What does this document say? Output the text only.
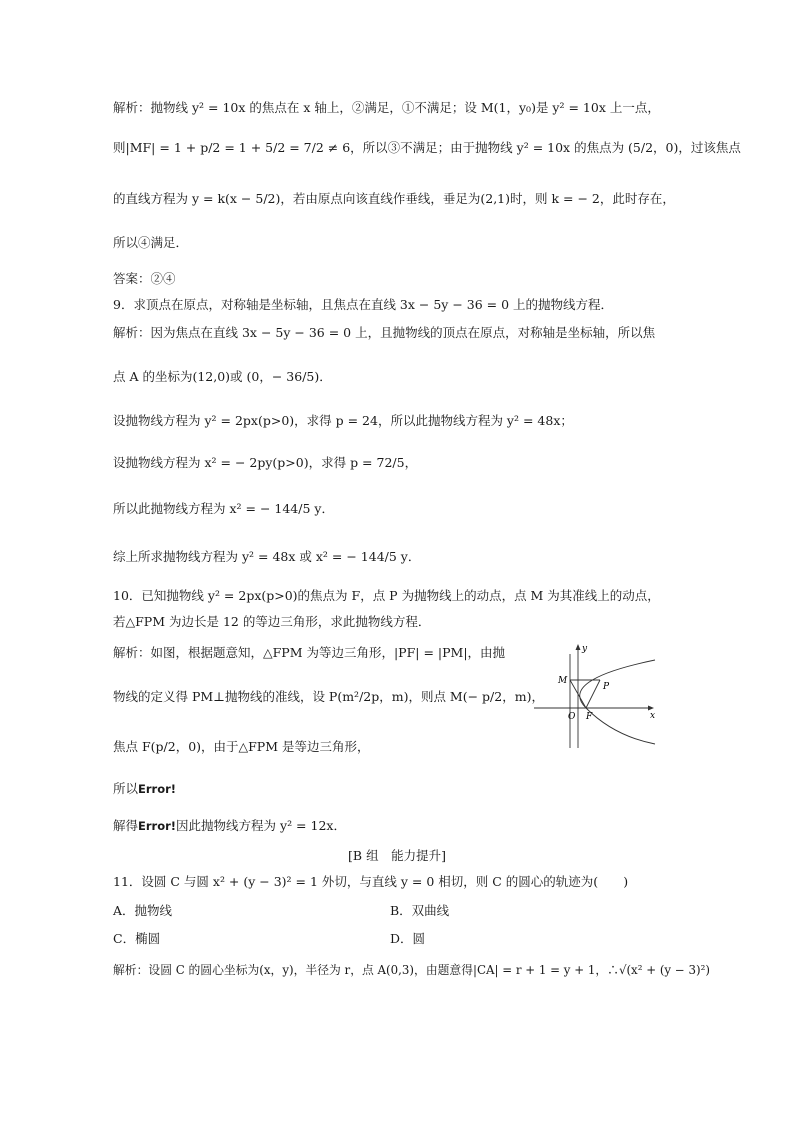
解析：抛物线 y² = 10x 的焦点在 x 轴上，②满足，①不满足；设 M(1，y₀)是 y² = 10x 上一点，
则|MF| = 1 + p/2 = 1 + 5/2 = 7/2 ≠ 6，所以③不满足；由于抛物线 y² = 10x 的焦点为 (5/2，0)，过该焦点
的直线方程为 y = k(x − 5/2)，若由原点向该直线作垂线，垂足为(2,1)时，则 k = − 2，此时存在，
所以④满足．
答案：②④
9．求顶点在原点，对称轴是坐标轴，且焦点在直线 3x − 5y − 36 = 0 上的抛物线方程．
解析：因为焦点在直线 3x − 5y − 36 = 0 上，且抛物线的顶点在原点，对称轴是坐标轴，所以焦
点 A 的坐标为(12,0)或 (0，− 36/5)．
设抛物线方程为 y² = 2px(p>0)，求得 p = 24，所以此抛物线方程为 y² = 48x；
设抛物线方程为 x² = − 2py(p>0)，求得 p = 72/5，
所以此抛物线方程为 x² = − 144/5 y．
综上所求抛物线方程为 y² = 48x 或 x² = − 144/5 y．
10．已知抛物线 y² = 2px(p>0)的焦点为 F，点 P 为抛物线上的动点，点 M 为其准线上的动点，
若△FPM 为边长是 12 的等边三角形，求此抛物线方程．
解析：如图，根据题意知，△FPM 为等边三角形，|PF| = |PM|，由抛
物线的定义得 PM⊥抛物线的准线，设 P(m²/2p，m)，则点 M(− p/2，m)，
焦点 F(p/2，0)，由于△FPM 是等边三角形，
所以Error!
解得Error!因此抛物线方程为 y² = 12x．
y
x
M
P
O F
[B 组　能力提升]
11．设圆 C 与圆 x² + (y − 3)² = 1 外切，与直线 y = 0 相切，则 C 的圆心的轨迹为(　　)
A．抛物线	B．双曲线
C．椭圆	D．圆
解析：设圆 C 的圆心坐标为(x，y)，半径为 r，点 A(0,3)，由题意得|CA| = r + 1 = y + 1，∴√(x² + (y − 3)²)
